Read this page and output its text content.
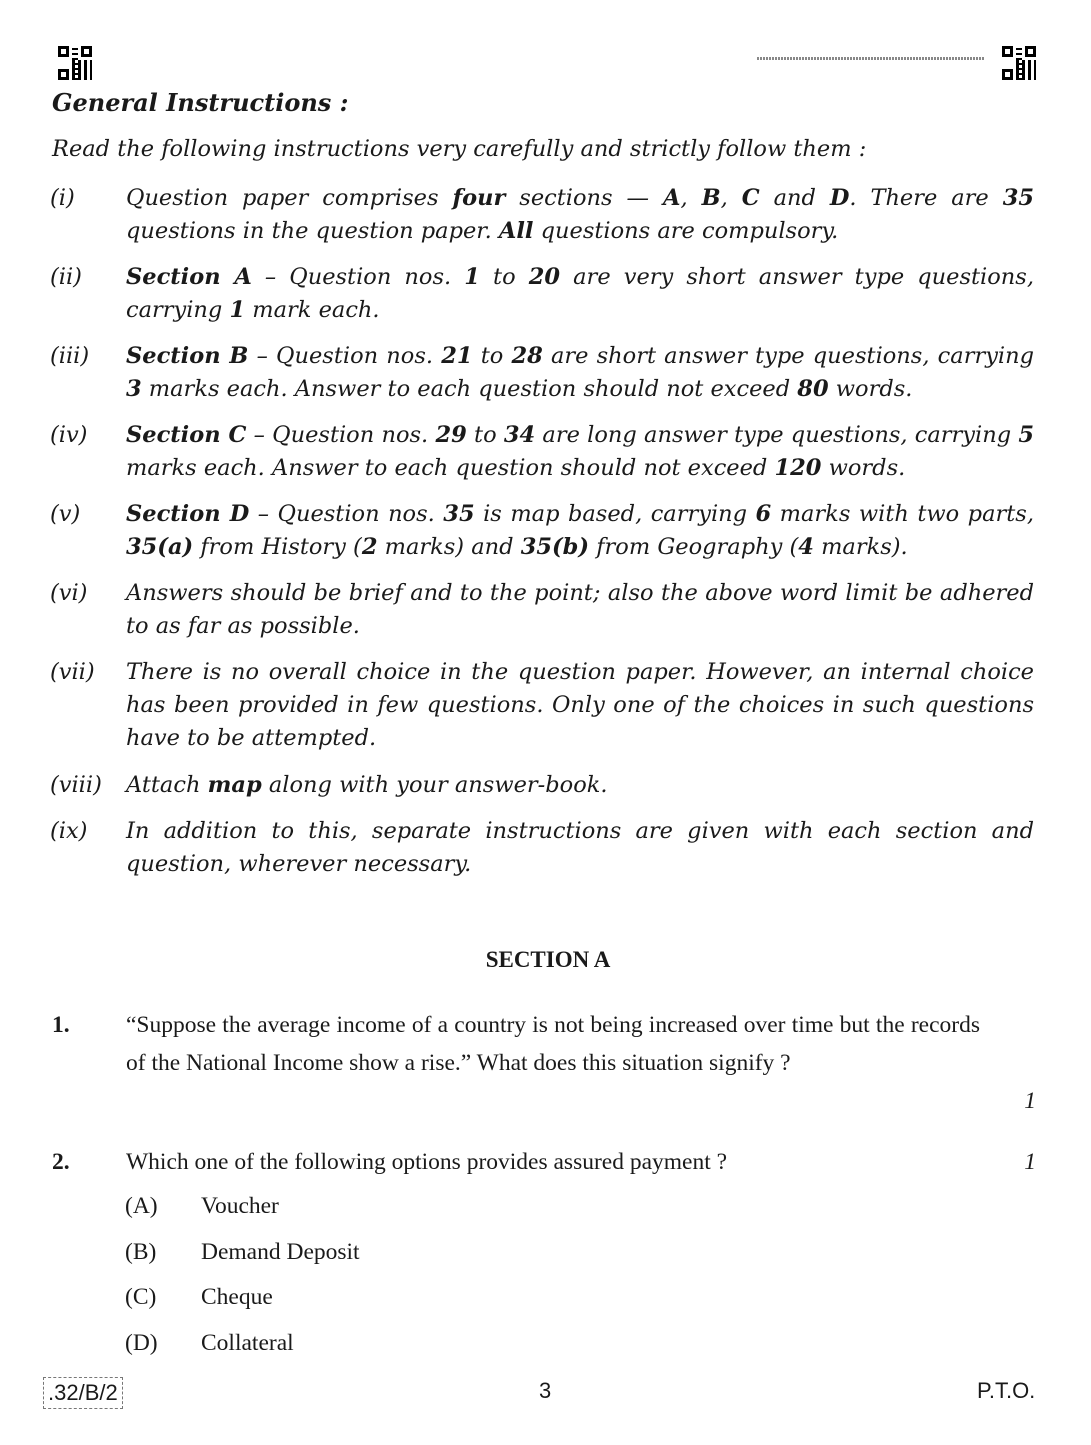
General Instructions :
Read the following instructions very carefully and strictly follow them :
(i) Question paper comprises four sections — A, B, C and D. There are 35 questions in the question paper. All questions are compulsory.
(ii) Section A – Question nos. 1 to 20 are very short answer type questions, carrying 1 mark each.
(iii) Section B – Question nos. 21 to 28 are short answer type questions, carrying 3 marks each. Answer to each question should not exceed 80 words.
(iv) Section C – Question nos. 29 to 34 are long answer type questions, carrying 5 marks each. Answer to each question should not exceed 120 words.
(v) Section D – Question nos. 35 is map based, carrying 6 marks with two parts, 35(a) from History (2 marks) and 35(b) from Geography (4 marks).
(vi) Answers should be brief and to the point; also the above word limit be adhered to as far as possible.
(vii) There is no overall choice in the question paper. However, an internal choice has been provided in few questions. Only one of the choices in such questions have to be attempted.
(viii) Attach map along with your answer-book.
(ix) In addition to this, separate instructions are given with each section and question, wherever necessary.
SECTION A
1. “Suppose the average income of a country is not being increased over time but the records of the National Income show a rise.” What does this situation signify ?
1
2. Which one of the following options provides assured payment ?	1
(A) Voucher
(B) Demand Deposit
(C) Cheque
(D) Collateral
.32/B/2	3	P.T.O.
